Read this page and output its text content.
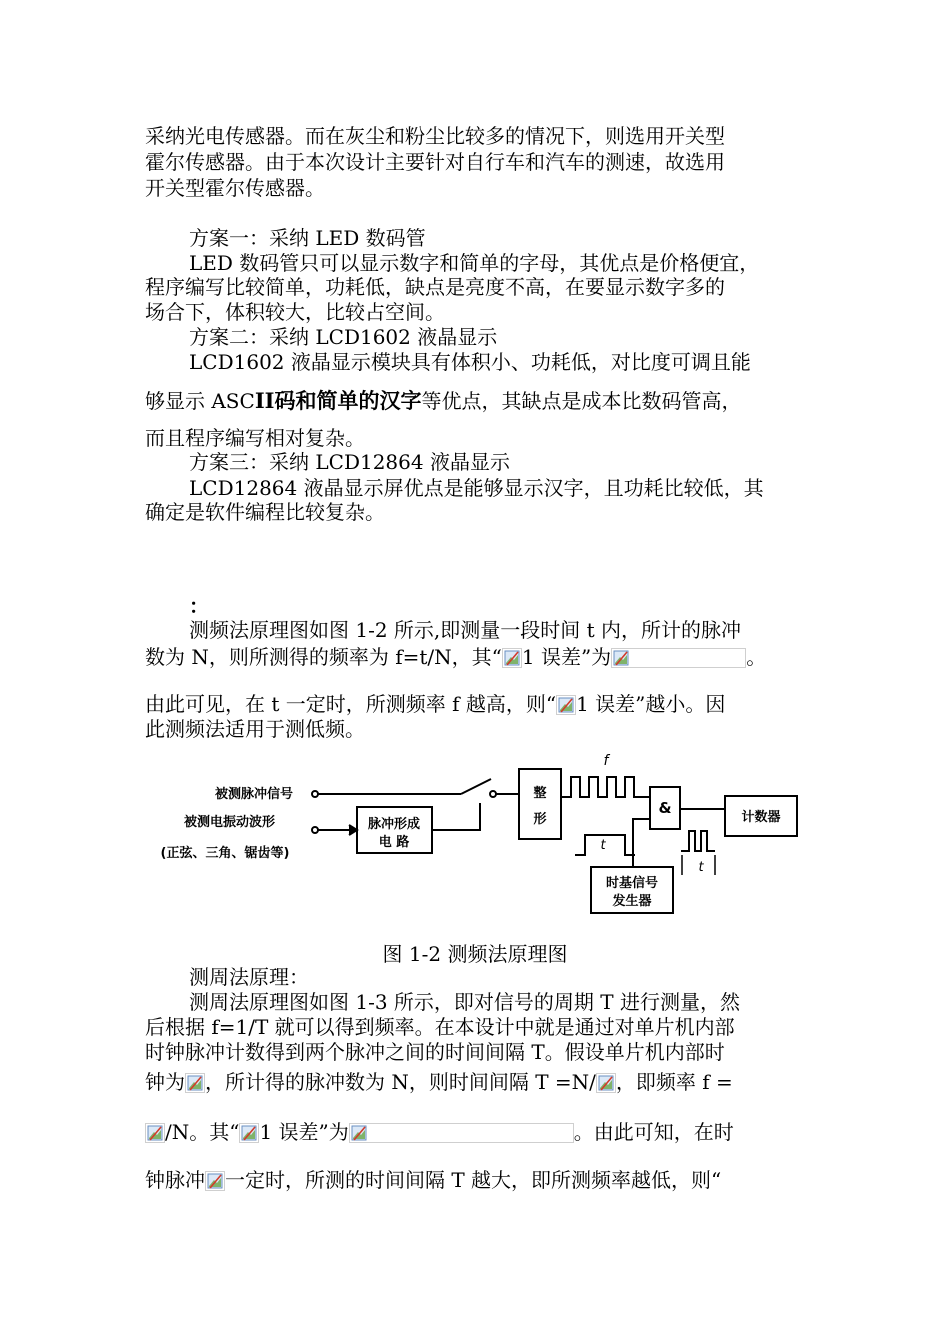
采纳光电传感器。而在灰尘和粉尘比较多的情况下，则选用开关型
霍尔传感器。由于本次设计主要针对自行车和汽车的测速，故选用
开关型霍尔传感器。
方案一：采纳 LED 数码管
LED 数码管只可以显示数字和简单的字母，其优点是价格便宜，
程序编写比较简单，功耗低，缺点是亮度不高，在要显示数字多的
场合下，体积较大，比较占空间。
方案二：采纳 LCD1602 液晶显示
LCD1602 液晶显示模块具有体积小、功耗低，对比度可调且能
够显示 ASCII码和简单的汉字等优点，其缺点是成本比数码管高，
而且程序编写相对复杂。
方案三：采纳 LCD12864 液晶显示
LCD12864 液晶显示屏优点是能够显示汉字，且功耗比较低，其
确定是软件编程比较复杂。
：
测频法原理图如图 1-2 所示,即测量一段时间 t 内，所计的脉冲
数为 N，则所测得的频率为 f=t/N，其“ 1 误差”为	。
由此可见，在 t 一定时，所测频率 f 越高，则“ 1 误差”越小。因
此测频法适用于测低频。
被测脉冲信号
被测电振动波形
(正弦、三角、锯齿等)
脉冲形成
电 路
整
形
&
计数器
时基信号
发生器
f
t
t
图 1-2 测频法原理图
测周法原理：
测周法原理图如图 1-3 所示，即对信号的周期 T 进行测量，然
后根据 f=1/T 就可以得到频率。在本设计中就是通过对单片机内部
时钟脉冲计数得到两个脉冲之间的时间间隔 T。假设单片机内部时
钟为 ，所计得的脉冲数为 N，则时间间隔 T =N/ ，即频率 f =
/N。其“ 1 误差”为	。由此可知，在时
钟脉冲 一定时，所测的时间间隔 T 越大，即所测频率越低，则“
